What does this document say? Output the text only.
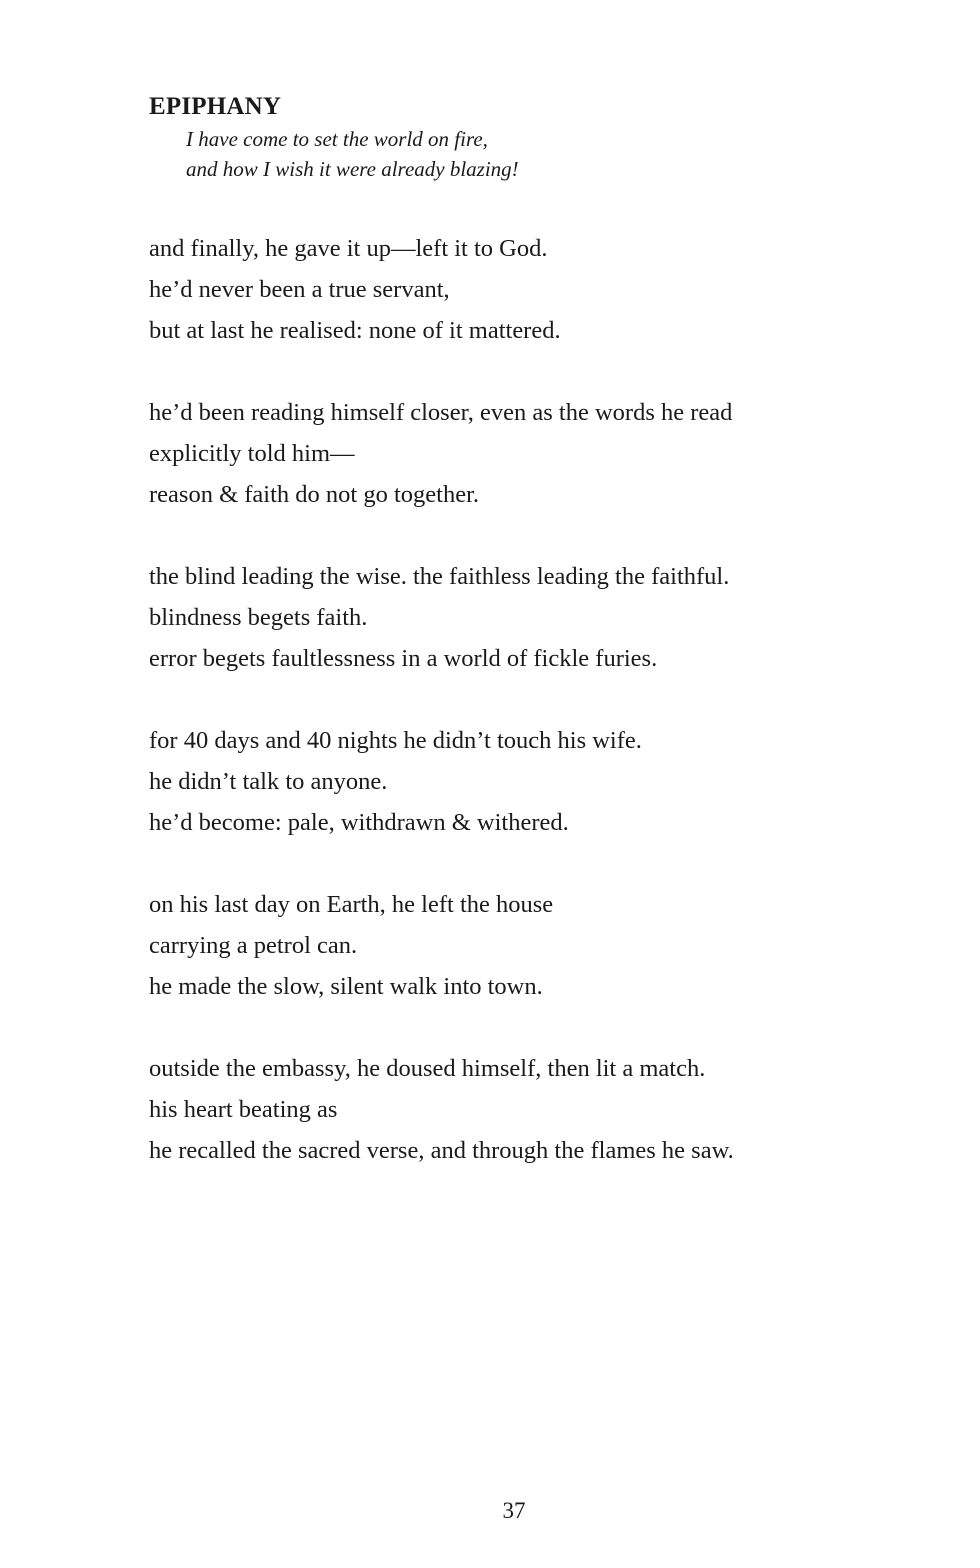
EPIPHANY
I have come to set the world on fire,
and how I wish it were already blazing!
and finally, he gave it up—left it to God.
he’d never been a true servant,
but at last he realised: none of it mattered.
he’d been reading himself closer, even as the words he read
explicitly told him—
reason & faith do not go together.
the blind leading the wise. the faithless leading the faithful.
blindness begets faith.
error begets faultlessness in a world of fickle furies.
for 40 days and 40 nights he didn’t touch his wife.
he didn’t talk to anyone.
he’d become: pale, withdrawn & withered.
on his last day on Earth, he left the house
carrying a petrol can.
he made the slow, silent walk into town.
outside the embassy, he doused himself, then lit a match.
his heart beating as
he recalled the sacred verse, and through the flames he saw.
37
